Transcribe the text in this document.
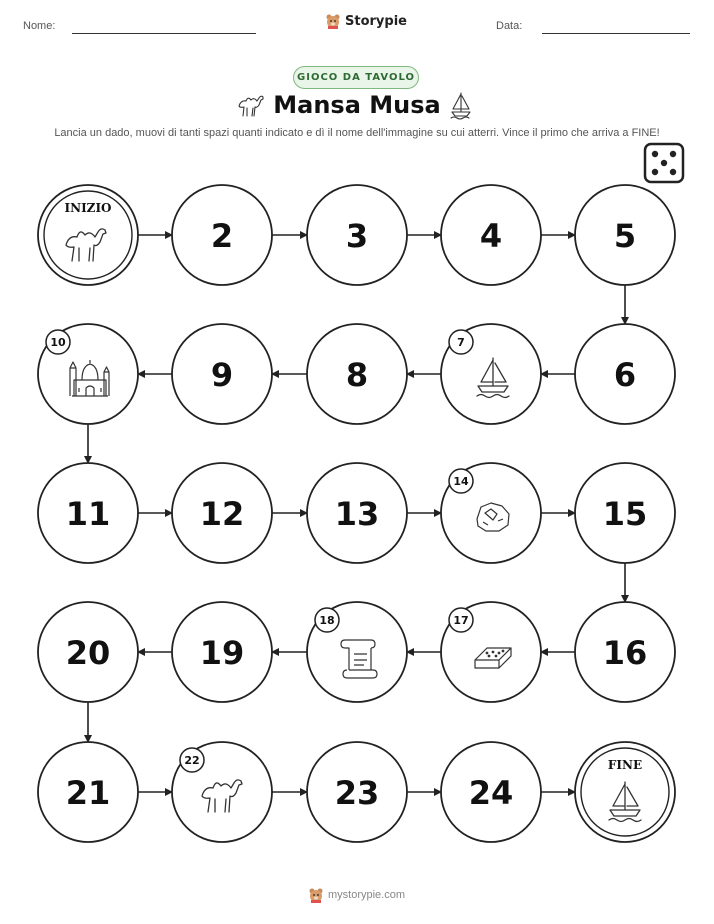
Nome:	Storypie	Data:
GIOCO DA TAVOLO
Mansa Musa
Lancia un dado, muovi di tanti spazi quanti indicato e dì il nome dell'immagine su cui atterri. Vince il primo che arriva a FINE!
INIZIO
2	3	4	5
6
7
8
9
10
11	12	13
14
15
16
17
18
19
20
21
22
23	24
FINE
mystorypie.com
